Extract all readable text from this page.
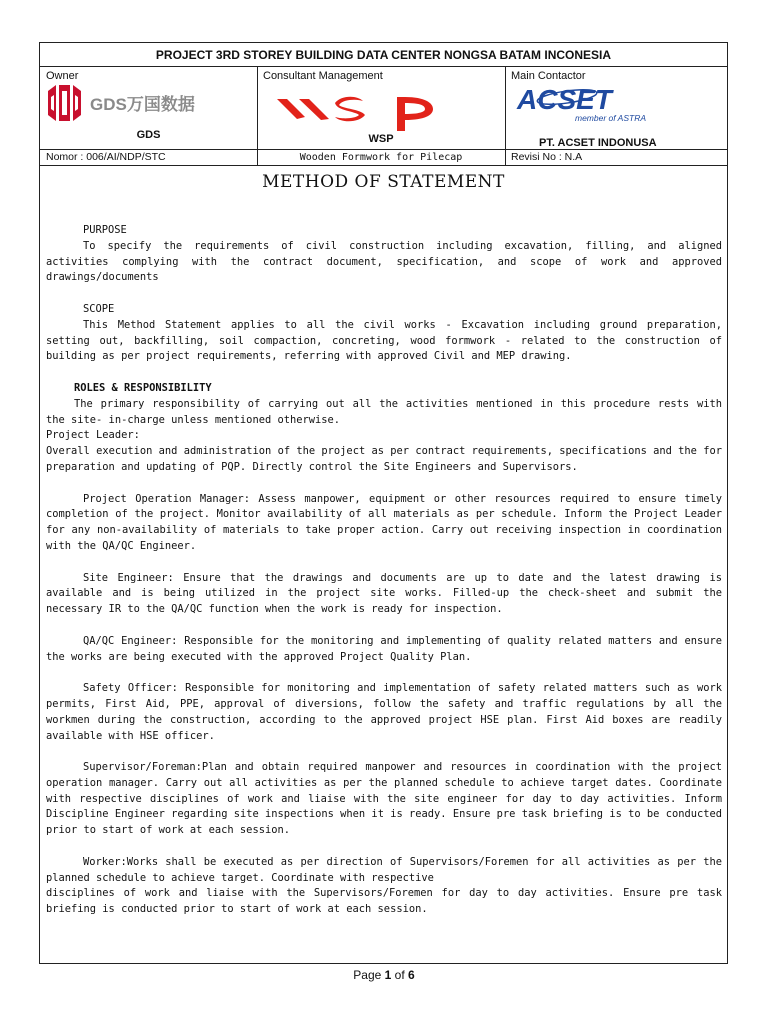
PROJECT 3RD STOREY BUILDING DATA CENTER NONGSA BATAM INCONESIA
Owner
GDS万国数据
GDS
Consultant Management
WSP
Main Contactor
ACSET
member of ASTRA
PT. ACSET INDONUSA
Nomor : 006/AI/NDP/STC	Wooden Formwork for Pilecap	Revisi No : N.A
METHOD OF STATEMENT

PURPOSE

To specify the requirements of civil construction including excavation, filling, and aligned activities complying with the contract document, specification, and scope of work and approved drawings/documents

SCOPE

This Method Statement applies to all the civil works - Excavation including ground preparation, setting out, backfilling, soil compaction, concreting, wood formwork - related to the construction of building as per project requirements, referring with approved Civil and MEP drawing.

ROLES & RESPONSIBILITY

The primary responsibility of carrying out all the activities mentioned in this procedure rests with the site- in-charge unless mentioned otherwise.

Project Leader:

Overall execution and administration of the project as per contract requirements, specifications and the for preparation and updating of PQP. Directly control the Site Engineers and Supervisors.

Project Operation Manager: Assess manpower, equipment or other resources required to ensure timely completion of the project. Monitor availability of all materials as per schedule. Inform the Project Leader for any non-availability of materials to take proper action. Carry out receiving inspection in coordination with the QA/QC Engineer.

Site Engineer: Ensure that the drawings and documents are up to date and the latest drawing is available and is being utilized in the project site works. Filled-up the check-sheet and submit the necessary IR to the QA/QC function when the work is ready for inspection.

QA/QC Engineer: Responsible for the monitoring and implementing of quality related matters and ensure the works are being executed with the approved Project Quality Plan.

Safety Officer: Responsible for monitoring and implementation of safety related matters such as work permits, First Aid, PPE, approval of diversions, follow the safety and traffic regulations by all the workmen during the construction, according to the approved project HSE plan. First Aid boxes are readily available with HSE officer.

Supervisor/Foreman:Plan and obtain required manpower and resources in coordination with the project operation manager. Carry out all activities as per the planned schedule to achieve target dates. Coordinate with respective disciplines of work and liaise with the site engineer for day to day activities. Inform Discipline Engineer regarding site inspections when it is ready. Ensure pre task briefing is to be conducted prior to start of work at each session.

Worker:Works shall be executed as per direction of Supervisors/Foremen for all activities as per the planned schedule to achieve target. Coordinate with respective

disciplines of work and liaise with the Supervisors/Foremen for day to day activities. Ensure pre task briefing is conducted prior to start of work at each session.

Page 1 of 6
